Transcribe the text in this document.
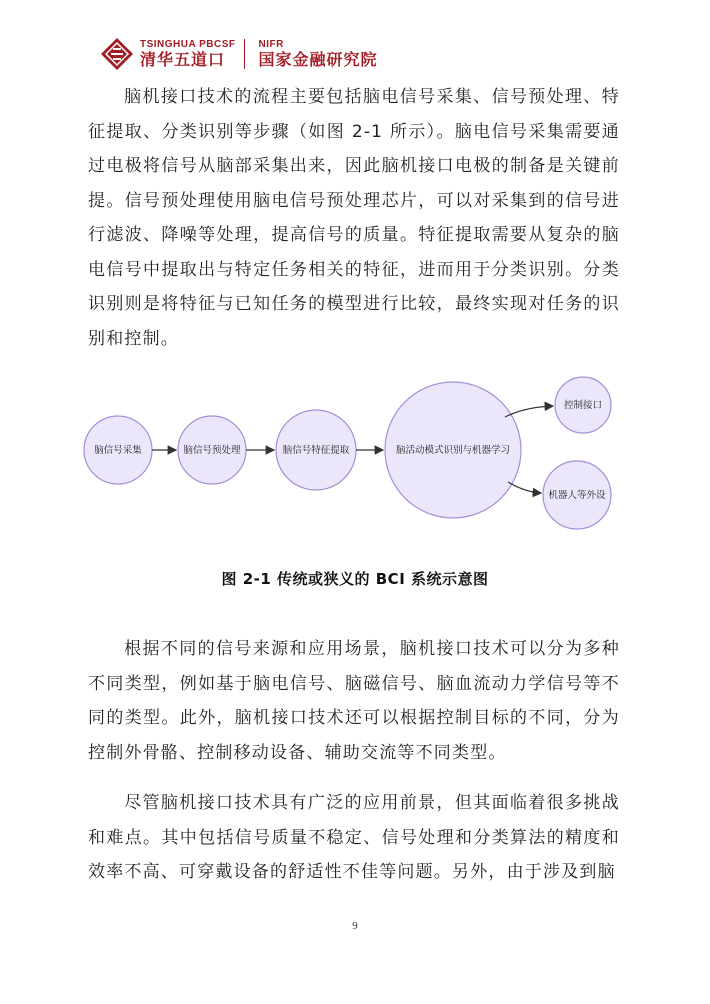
TSINGHUA PBCSF
清华五道口
NIFR
国家金融研究院

脑机接口技术的流程主要包括脑电信号采集、信号预处理、特征提取、分类识别等步骤（如图 2-1 所示）。脑电信号采集需要通过电极将信号从脑部采集出来，因此脑机接口电极的制备是关键前提。信号预处理使用脑电信号预处理芯片，可以对采集到的信号进行滤波、降噪等处理，提高信号的质量。特征提取需要从复杂的脑电信号中提取出与特定任务相关的特征，进而用于分类识别。分类识别则是将特征与已知任务的模型进行比较，最终实现对任务的识别和控制。

脑信号采集	脑信号预处理	脑信号特征提取	脑活动模式识别与机器学习
控制接口
机器人等外设
图 2-1 传统或狭义的 BCI 系统示意图

根据不同的信号来源和应用场景，脑机接口技术可以分为多种不同类型，例如基于脑电信号、脑磁信号、脑血流动力学信号等不同的类型。此外，脑机接口技术还可以根据控制目标的不同，分为控制外骨骼、控制移动设备、辅助交流等不同类型。

尽管脑机接口技术具有广泛的应用前景，但其面临着很多挑战和难点。其中包括信号质量不稳定、信号处理和分类算法的精度和效率不高、可穿戴设备的舒适性不佳等问题。另外，由于涉及到脑

9
